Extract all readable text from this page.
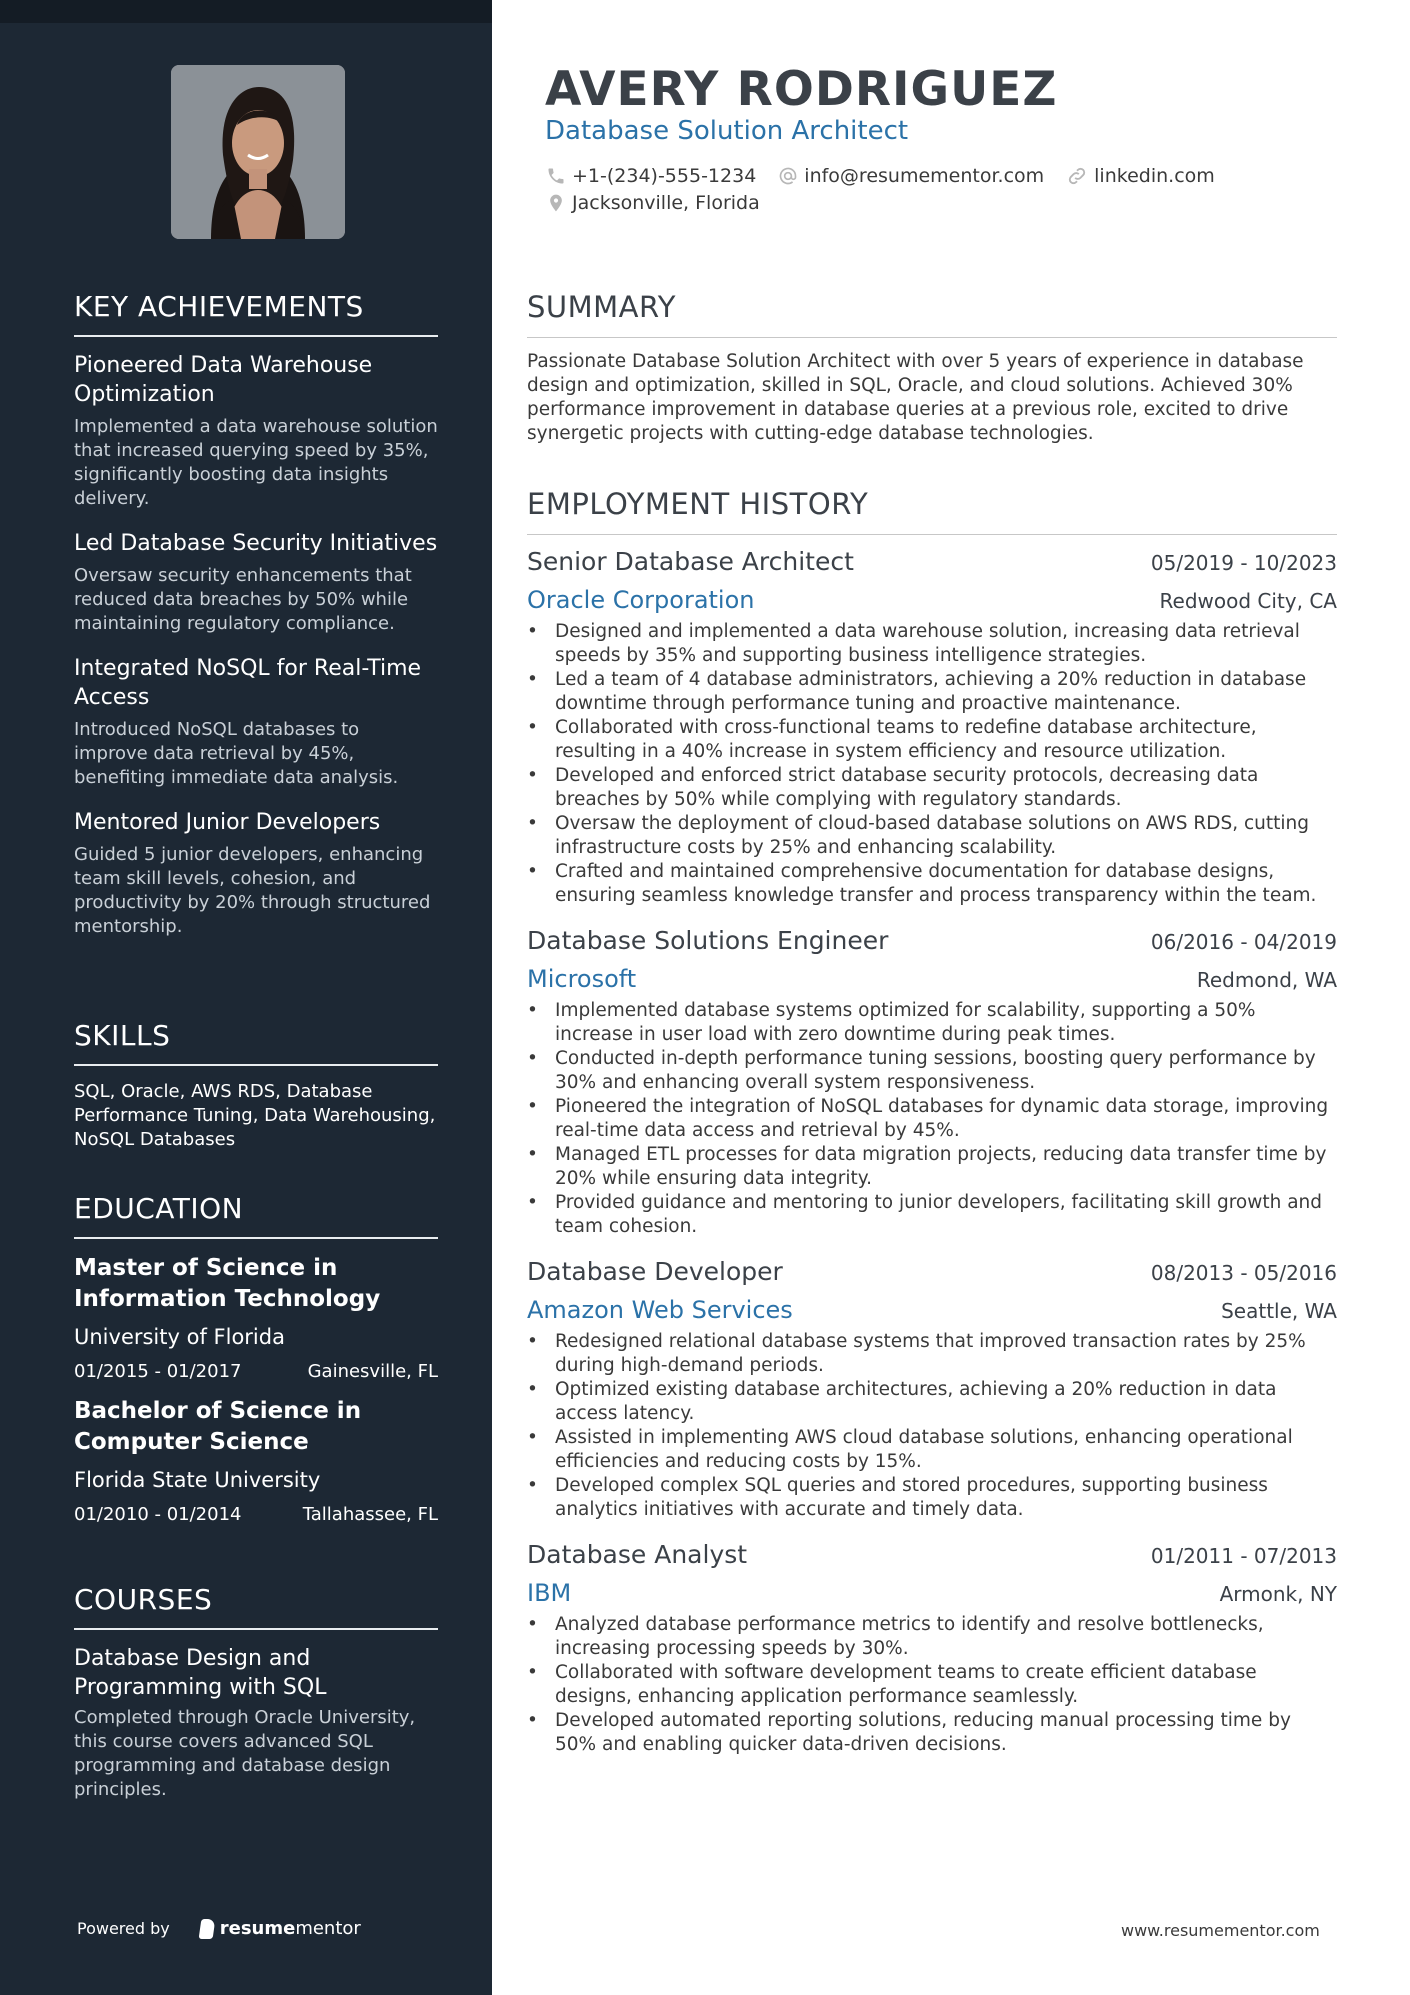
KEY ACHIEVEMENTS
Pioneered Data Warehouse Optimization
Implemented a data warehouse solution that increased querying speed by 35%, significantly boosting data insights delivery.
Led Database Security Initiatives
Oversaw security enhancements that reduced data breaches by 50% while maintaining regulatory compliance.
Integrated NoSQL for Real-Time Access
Introduced NoSQL databases to improve data retrieval by 45%, benefiting immediate data analysis.
Mentored Junior Developers
Guided 5 junior developers, enhancing team skill levels, cohesion, and productivity by 20% through structured mentorship.
SKILLS
SQL, Oracle, AWS RDS, Database Performance Tuning, Data Warehousing, NoSQL Databases
EDUCATION
Master of Science in Information Technology
University of Florida
01/2015 - 01/2017	Gainesville, FL
Bachelor of Science in Computer Science
Florida State University
01/2010 - 01/2014	Tallahassee, FL
COURSES
Database Design and Programming with SQL
Completed through Oracle University, this course covers advanced SQL programming and database design principles.
Powered by	resume mentor
AVERY RODRIGUEZ
Database Solution Architect
+1-(234)-555-1234	info@resumementor.com	linkedin.com
Jacksonville, Florida
SUMMARY
Passionate Database Solution Architect with over 5 years of experience in database design and optimization, skilled in SQL, Oracle, and cloud solutions. Achieved 30% performance improvement in database queries at a previous role, excited to drive synergetic projects with cutting-edge database technologies.
EMPLOYMENT HISTORY
Senior Database Architect	05/2019 - 10/2023
Oracle Corporation	Redwood City, CA
• Designed and implemented a data warehouse solution, increasing data retrieval speeds by 35% and supporting business intelligence strategies.
• Led a team of 4 database administrators, achieving a 20% reduction in database downtime through performance tuning and proactive maintenance.
• Collaborated with cross-functional teams to redefine database architecture, resulting in a 40% increase in system efficiency and resource utilization.
• Developed and enforced strict database security protocols, decreasing data breaches by 50% while complying with regulatory standards.
• Oversaw the deployment of cloud-based database solutions on AWS RDS, cutting infrastructure costs by 25% and enhancing scalability.
• Crafted and maintained comprehensive documentation for database designs, ensuring seamless knowledge transfer and process transparency within the team.
Database Solutions Engineer	06/2016 - 04/2019
Microsoft	Redmond, WA
• Implemented database systems optimized for scalability, supporting a 50% increase in user load with zero downtime during peak times.
• Conducted in-depth performance tuning sessions, boosting query performance by 30% and enhancing overall system responsiveness.
• Pioneered the integration of NoSQL databases for dynamic data storage, improving real-time data access and retrieval by 45%.
• Managed ETL processes for data migration projects, reducing data transfer time by 20% while ensuring data integrity.
• Provided guidance and mentoring to junior developers, facilitating skill growth and team cohesion.
Database Developer	08/2013 - 05/2016
Amazon Web Services	Seattle, WA
• Redesigned relational database systems that improved transaction rates by 25% during high-demand periods.
• Optimized existing database architectures, achieving a 20% reduction in data access latency.
• Assisted in implementing AWS cloud database solutions, enhancing operational efficiencies and reducing costs by 15%.
• Developed complex SQL queries and stored procedures, supporting business analytics initiatives with accurate and timely data.
Database Analyst	01/2011 - 07/2013
IBM	Armonk, NY
• Analyzed database performance metrics to identify and resolve bottlenecks, increasing processing speeds by 30%.
• Collaborated with software development teams to create efficient database designs, enhancing application performance seamlessly.
• Developed automated reporting solutions, reducing manual processing time by 50% and enabling quicker data-driven decisions.
www.resumementor.com
